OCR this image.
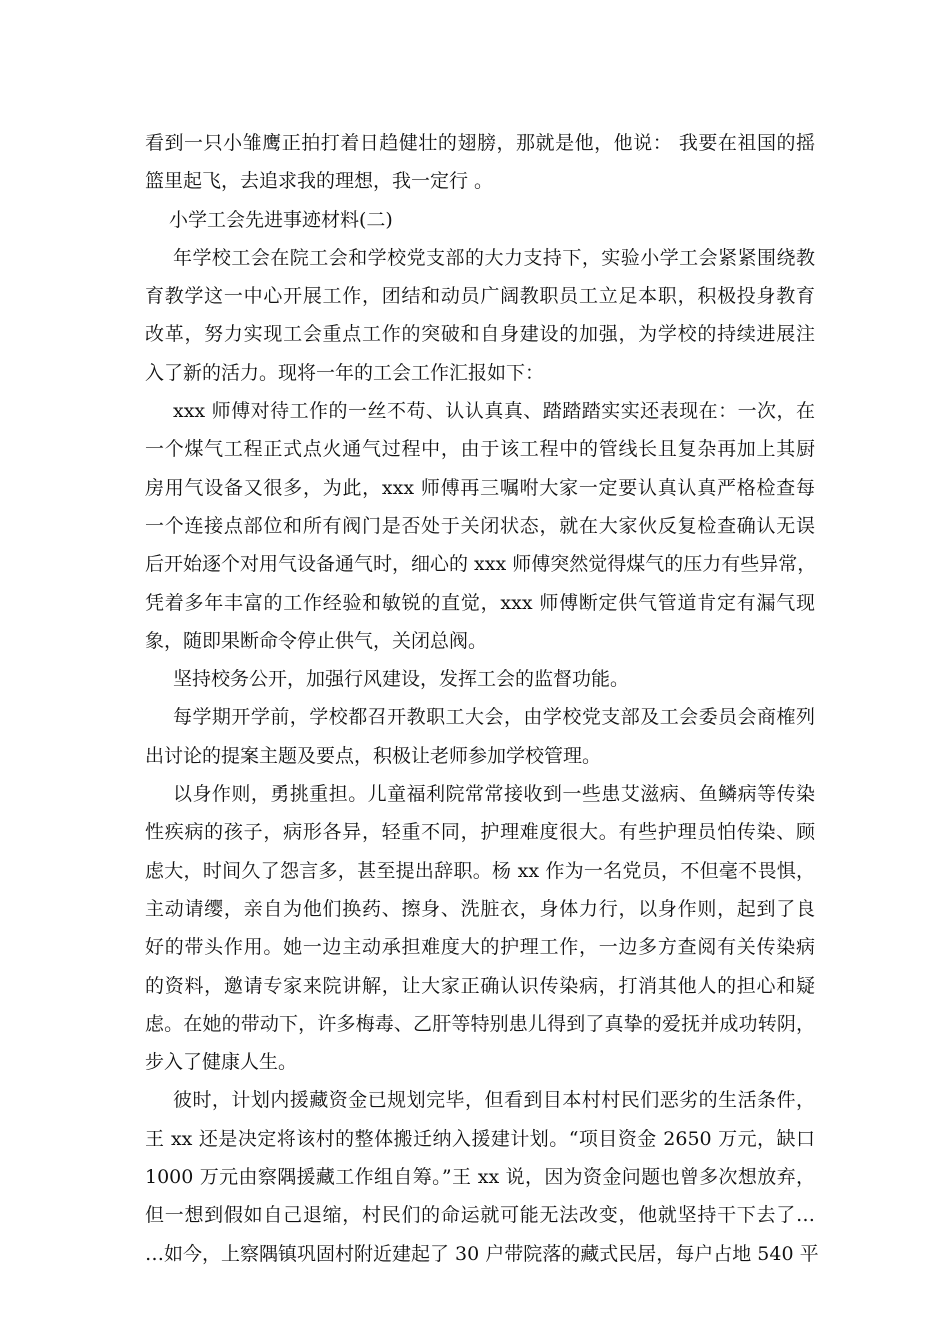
看到一只小雏鹰正拍打着日趋健壮的翅膀，那就是他，他说： 我要在祖国的摇
篮里起飞，去追求我的理想，我一定行 。
小学工会先进事迹材料(二)
年学校工会在院工会和学校党支部的大力支持下，实验小学工会紧紧围绕教
育教学这一中心开展工作，团结和动员广阔教职员工立足本职，积极投身教育
改革，努力实现工会重点工作的突破和自身建设的加强，为学校的持续进展注
入了新的活力。现将一年的工会工作汇报如下：
xxx 师傅对待工作的一丝不苟、认认真真、踏踏踏实实还表现在：一次，在
一个煤气工程正式点火通气过程中，由于该工程中的管线长且复杂再加上其厨
房用气设备又很多，为此，xxx 师傅再三嘱咐大家一定要认真认真严格检查每
一个连接点部位和所有阀门是否处于关闭状态，就在大家伙反复检查确认无误
后开始逐个对用气设备通气时，细心的 xxx 师傅突然觉得煤气的压力有些异常，
凭着多年丰富的工作经验和敏锐的直觉，xxx 师傅断定供气管道肯定有漏气现
象，随即果断命令停止供气，关闭总阀。
坚持校务公开，加强行风建设，发挥工会的监督功能。
每学期开学前，学校都召开教职工大会，由学校党支部及工会委员会商榷列
出讨论的提案主题及要点，积极让老师参加学校管理。
以身作则，勇挑重担。儿童福利院常常接收到一些患艾滋病、鱼鳞病等传染
性疾病的孩子，病形各异，轻重不同，护理难度很大。有些护理员怕传染、顾
虑大，时间久了怨言多，甚至提出辞职。杨 xx 作为一名党员，不但毫不畏惧，
主动请缨，亲自为他们换药、擦身、洗脏衣，身体力行，以身作则，起到了良
好的带头作用。她一边主动承担难度大的护理工作，一边多方查阅有关传染病
的资料，邀请专家来院讲解，让大家正确认识传染病，打消其他人的担心和疑
虑。在她的带动下，许多梅毒、乙肝等特别患儿得到了真挚的爱抚并成功转阴，
步入了健康人生。
彼时，计划内援藏资金已规划完毕，但看到目本村村民们恶劣的生活条件，
王 xx 还是决定将该村的整体搬迁纳入援建计划。“项目资金 2650 万元，缺口
1000 万元由察隅援藏工作组自筹。”王 xx 说，因为资金问题也曾多次想放弃，
但一想到假如自己退缩，村民们的命运就可能无法改变，他就坚持干下去了…
…如今，上察隅镇巩固村附近建起了 30 户带院落的藏式民居，每户占地 540 平
